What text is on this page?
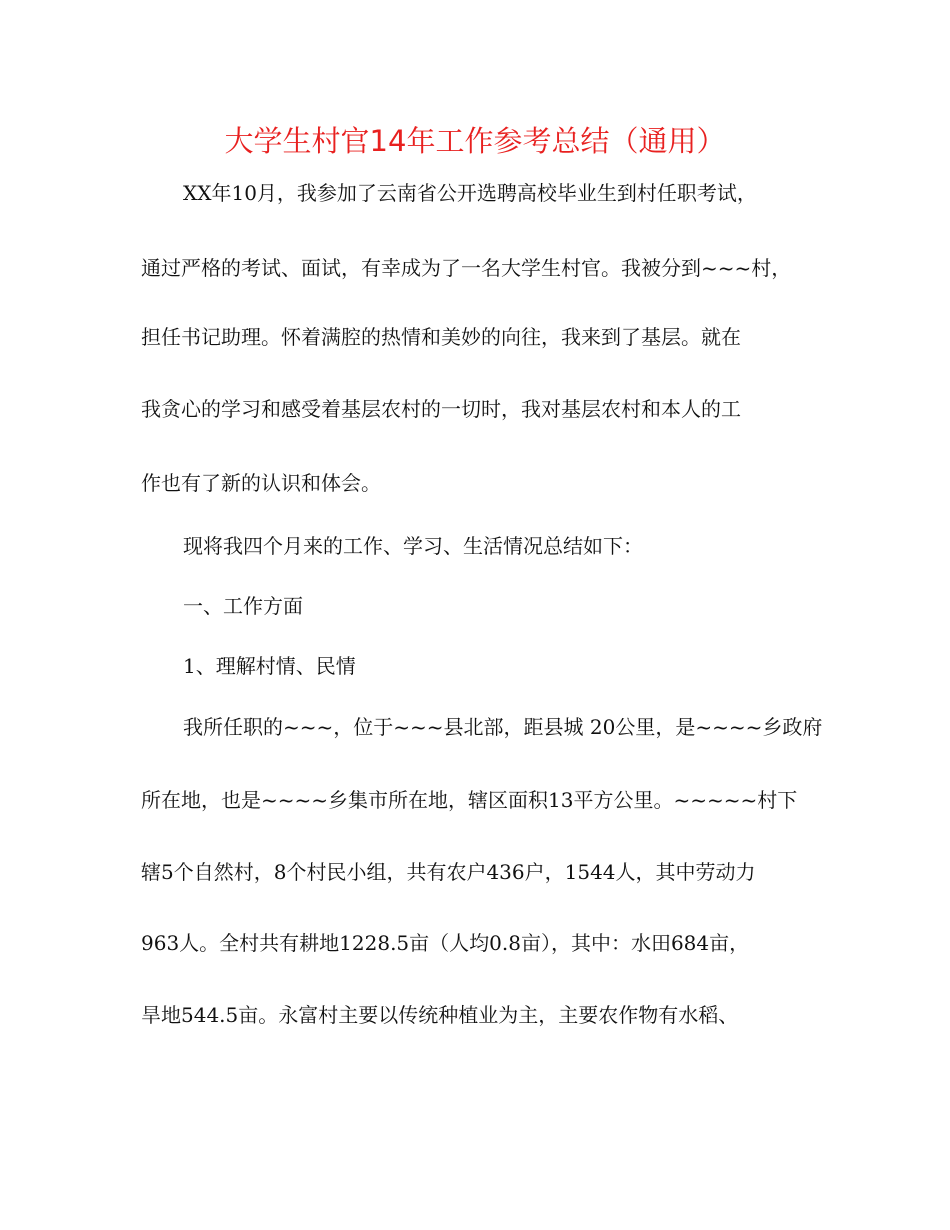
大学生村官14年工作参考总结（通用）
XX年10月，我参加了云南省公开选聘高校毕业生到村任职考试，
通过严格的考试、面试，有幸成为了一名大学生村官。我被分到~~~村，
担任书记助理。怀着满腔的热情和美妙的向往，我来到了基层。就在
我贪心的学习和感受着基层农村的一切时，我对基层农村和本人的工
作也有了新的认识和体会。
现将我四个月来的工作、学习、生活情况总结如下：
一、工作方面
1、理解村情、民情
我所任职的~~~，位于~~~县北部，距县城 20公里，是~~~~乡政府
所在地，也是~~~~乡集市所在地，辖区面积13平方公里。~~~~~村下
辖5个自然村，8个村民小组，共有农户436户，1544人，其中劳动力
963人。全村共有耕地1228.5亩（人均0.8亩），其中：水田684亩，
旱地544.5亩。永富村主要以传统种植业为主，主要农作物有水稻、
